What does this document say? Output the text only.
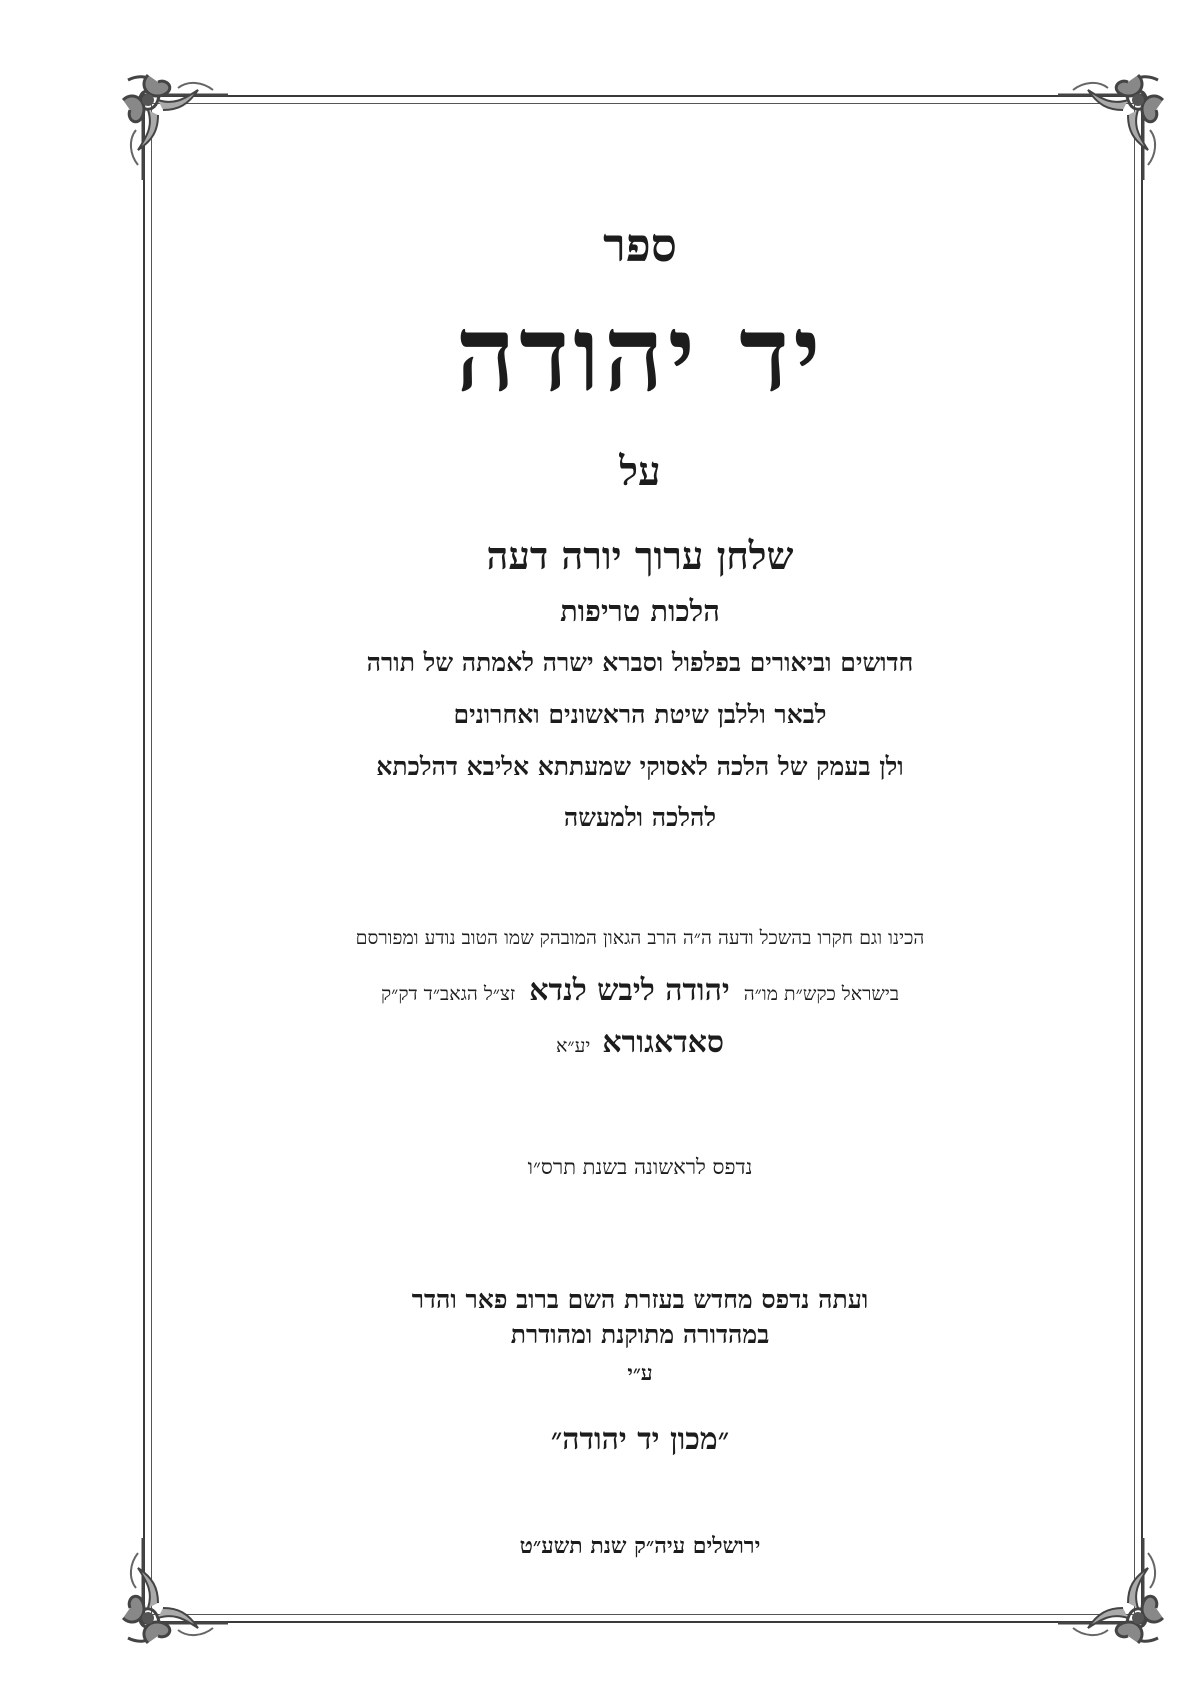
ספר
יד יהודה
על
שלחן ערוך יורה דעה
הלכות טריפות
חדושים וביאורים בפלפול וסברא ישרה לאמתה של תורה
לבאר וללבן שיטת הראשונים ואחרונים
ולן בעמק של הלכה לאסוקי שמעתתא אליבא דהלכתא
להלכה ולמעשה
הכינו וגם חקרו בהשכל ודעה ה״ה הרב הגאון המובהק שמו הטוב נודע ומפורסם
בישראל כקש״ת מו״ה יהודה ליבש לנדא זצ״ל הגאב״ד דק״ק
סאדאגורא יע״א
נדפס לראשונה בשנת תרס״ו
ועתה נדפס מחדש בעזרת השם ברוב פאר והדר
במהדורה מתוקנת ומהודרת
ע״י
״מכון יד יהודה״
ירושלים עיה״ק שנת תשע״ט
